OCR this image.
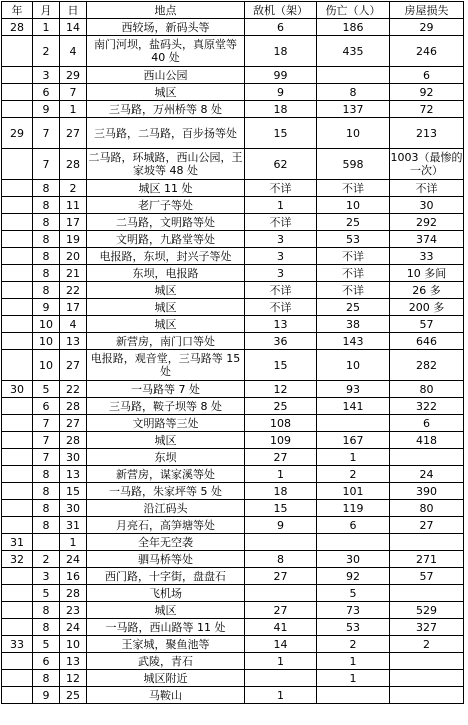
年	月	日	地点	敌机（架）	伤亡（人）	房屋损失
28	1	14	西较场，新码头等	6	186	29
	2	4	南门河坝，盐码头，真原堂等 40 处	18	435	246
	3	29	西山公园	99		6
	6	7	城区	9	8	92
	9	1	三马路，万州桥等 8 处	18	137	72
29	7	27	三马路，二马路，百步扬等处	15	10	213
	7	28	二马路，环城路，西山公园，王家坡等 48 处	62	598	1003（最惨的一次）
	8	2	城区 11 处	不详	不详	不详
	8	11	老厂子等处	1	10	30
	8	17	二马路，文明路等处	不详	25	292
	8	19	文明路，九路堂等处	3	53	374
	8	20	电报路，东坝，封兴子等处	3	不详	33
	8	21	东坝，电报路	3	不详	10 多间
	8	22	城区	不详	不详	26 多
	9	17	城区	不详	25	200 多
	10	4	城区	13	38	57
	10	13	新营房，南门口等处	36	143	646
	10	27	电报路，观音堂，三马路等 15 处	15	10	282
30	5	22	一马路等 7 处	12	93	80
	6	28	三马路，鞍子坝等 8 处	25	141	322
	7	27	文明路等三处	108		6
	7	28	城区	109	167	418
	7	30	东坝	27	1	
	8	13	新营房，谋家溪等处	1	2	24
	8	15	一马路，朱家坪等 5 处	18	101	390
	8	30	沿江码头	15	119	80
	8	31	月亮石，高笋塘等处	9	6	27
31		1	全年无空袭			
32	2	24	驷马桥等处	8	30	271
	3	16	西门路，十字街，盘盘石	27	92	57
	5	28	飞机场		5	
	8	23	城区	27	73	529
	8	24	一马路，西山路等 11 处	41	53	327
33	5	10	王家城，聚鱼池等	14	2	2
	6	13	武陵，青石	1	1	
	8	12	城区附近		1	
	9	25	马鞍山	1		
